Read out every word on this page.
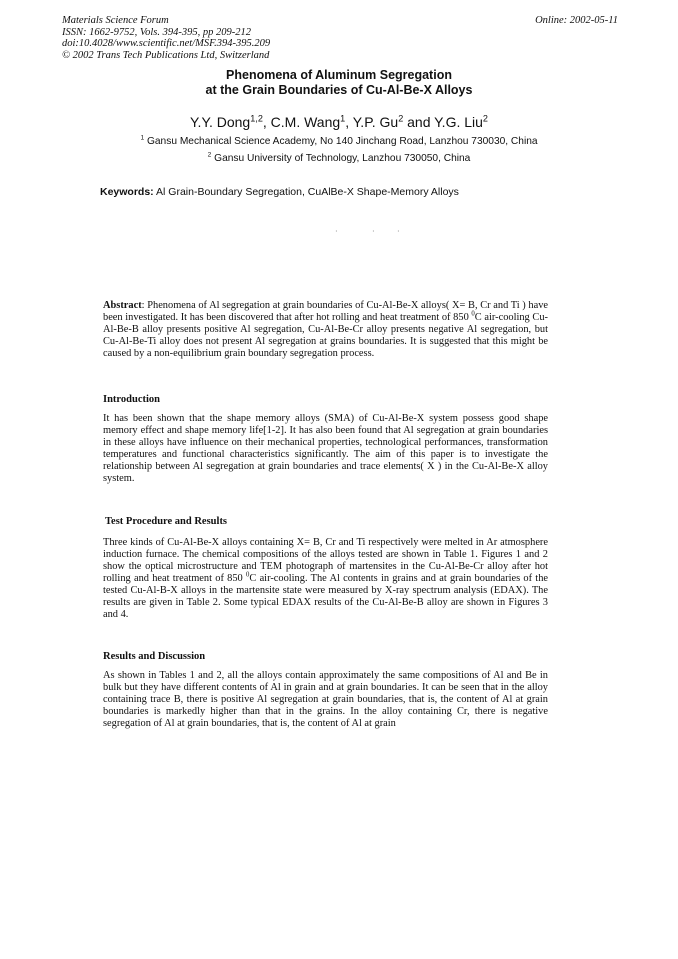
Materials Science Forum
ISSN: 1662-9752, Vols. 394-395, pp 209-212
doi:10.4028/www.scientific.net/MSF.394-395.209
© 2002 Trans Tech Publications Ltd, Switzerland
Online: 2002-05-11
Phenomena of Aluminum Segregation
at the Grain Boundaries of Cu-Al-Be-X Alloys
Y.Y. Dong$^{1,2}$, C.M. Wang$^1$, Y.P. Gu$^2$ and Y.G. Liu$^2$
$^1$ Gansu Mechanical Science Academy, No 140 Jinchang Road, Lanzhou 730030, China
$^2$ Gansu University of Technology, Lanzhou 730050, China
Keywords: Al Grain-Boundary Segregation, CuAlBe-X Shape-Memory Alloys
·	·	·
Abstract: Phenomena of Al segregation at grain boundaries of Cu-Al-Be-X alloys( X= B, Cr and Ti ) have been investigated. It has been discovered that after hot rolling and heat treatment of 850 $^0$C air-cooling Cu-Al-Be-B alloy presents positive Al segregation, Cu-Al-Be-Cr alloy presents negative Al segregation, but Cu-Al-Be-Ti alloy does not present Al segregation at grains boundaries. It is suggested that this might be caused by a non-equilibrium grain boundary segregation process.
Introduction
It has been shown that the shape memory alloys (SMA) of Cu-Al-Be-X system possess good shape memory effect and shape memory life[1-2]. It has also been found that Al segregation at grain boundaries in these alloys have influence on their mechanical properties, technological performances, transformation temperatures and functional characteristics significantly. The aim of this paper is to investigate the relationship between Al segregation at grain boundaries and trace elements( X ) in the Cu-Al-Be-X alloy system.
Test Procedure and Results
Three kinds of Cu-Al-Be-X alloys containing X= B, Cr and Ti respectively were melted in Ar atmosphere induction furnace. The chemical compositions of the alloys tested are shown in Table 1. Figures 1 and 2 show the optical microstructure and TEM photograph of martensites in the Cu-Al-Be-Cr alloy after hot rolling and heat treatment of 850 $^0$C air-cooling. The Al contents in grains and at grain boundaries of the tested Cu-Al-B-X alloys in the martensite state were measured by X-ray spectrum analysis (EDAX). The results are given in Table 2. Some typical EDAX results of the Cu-Al-Be-B alloy are shown in Figures 3 and 4.
Results and Discussion
As shown in Tables 1 and 2, all the alloys contain approximately the same compositions of Al and Be in bulk but they have different contents of Al in grain and at grain boundaries. It can be seen that in the alloy containing trace B, there is positive Al segregation at grain boundaries, that is, the content of Al at grain boundaries is markedly higher than that in the grains. In the alloy containing Cr, there is negative segregation of Al at grain boundaries, that is, the content of Al at grain
